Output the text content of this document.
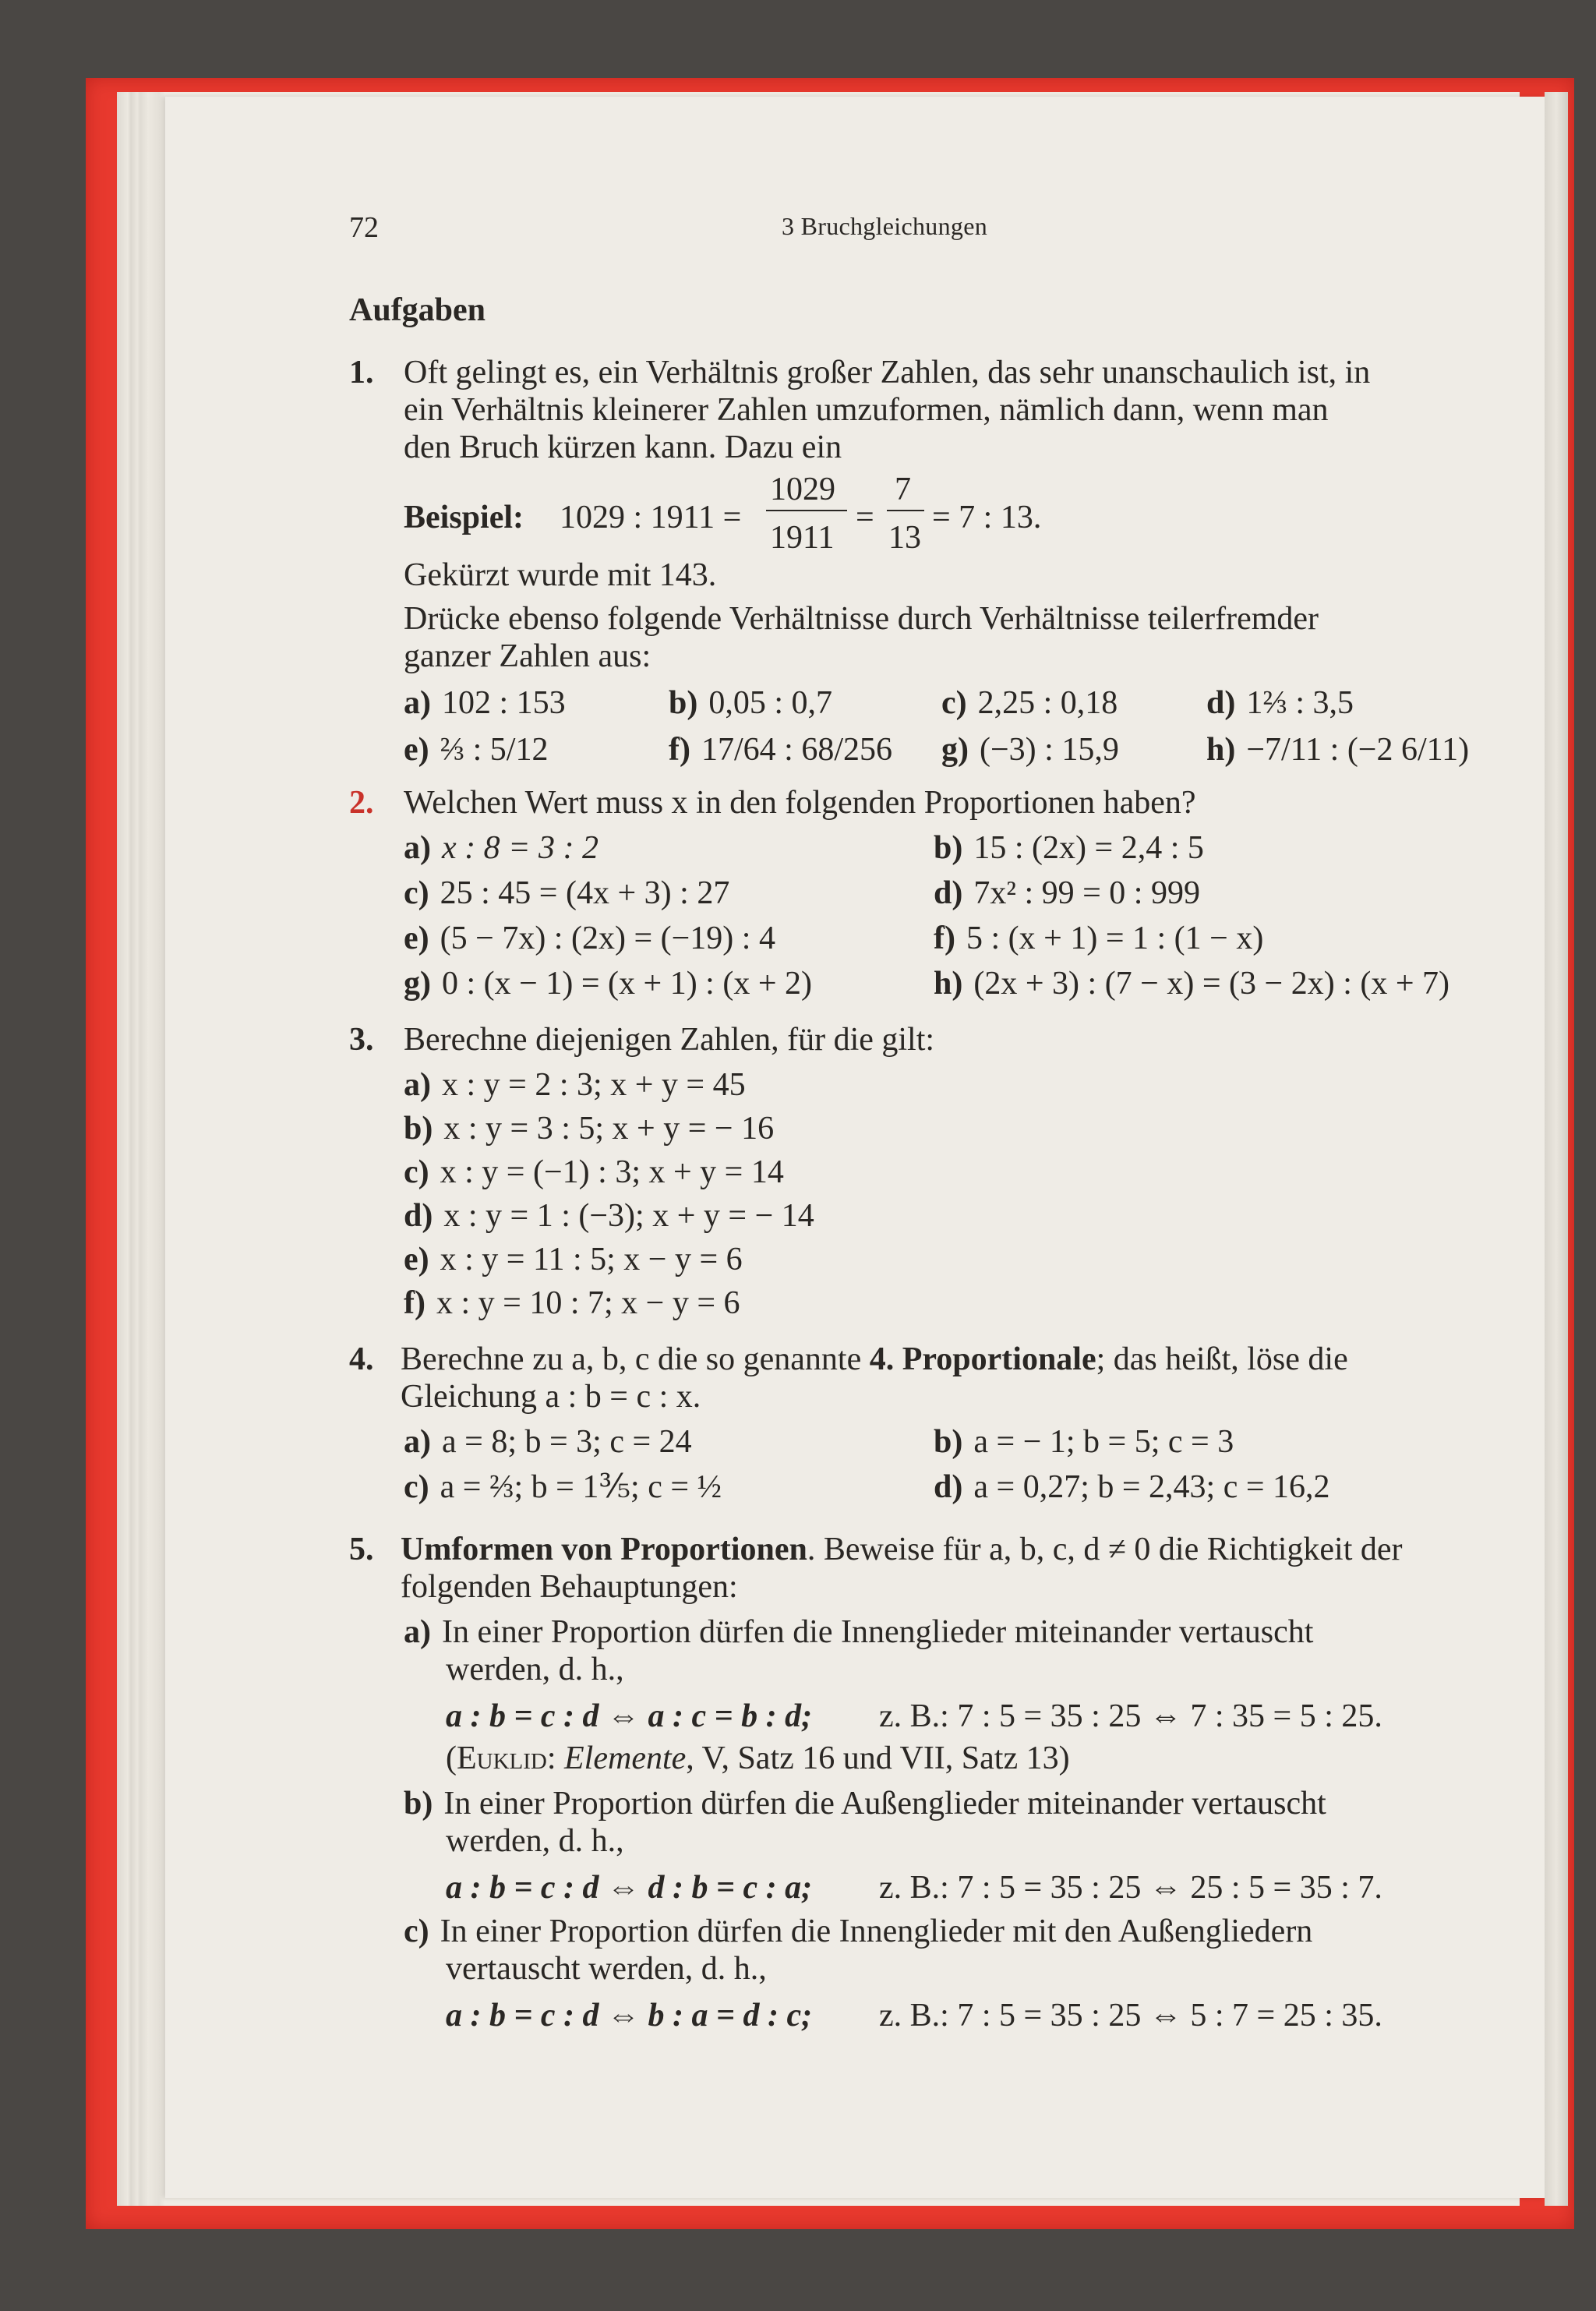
72	3 Bruchgleichungen
Aufgaben
1. Oft gelingt es, ein Verhältnis großer Zahlen, das sehr unanschaulich ist, in
ein Verhältnis kleinerer Zahlen umzuformen, nämlich dann, wenn man
den Bruch kürzen kann. Dazu ein
Beispiel: 1029 : 1911 =
1029
1911
=
7
13
= 7 : 13.
Gekürzt wurde mit 143.
Drücke ebenso folgende Verhältnisse durch Verhältnisse teilerfremder
ganzer Zahlen aus:
a) 102 : 153	b) 0,05 : 0,7	c) 2,25 : 0,18	d) 1⅔ : 3,5
e) ⅔ : 5/12	f) 17/64 : 68/256 g) (−3) : 15,9	h) −7/11 : (−2 6/11)
2. Welchen Wert muss x in den folgenden Proportionen haben?
a) x : 8 = 3 : 2	b) 15 : (2x) = 2,4 : 5
c) 25 : 45 = (4x + 3) : 27	d) 7x² : 99 = 0 : 999
e) (5 − 7x) : (2x) = (−19) : 4	f) 5 : (x + 1) = 1 : (1 − x)
g) 0 : (x − 1) = (x + 1) : (x + 2)	h) (2x + 3) : (7 − x) = (3 − 2x) : (x + 7)
3. Berechne diejenigen Zahlen, für die gilt:
a) x : y = 2 : 3; x + y = 45
b) x : y = 3 : 5; x + y = − 16
c) x : y = (−1) : 3; x + y = 14
d) x : y = 1 : (−3); x + y = − 14
e) x : y = 11 : 5; x − y = 6
f) x : y = 10 : 7; x − y = 6
4. Berechne zu a, b, c die so genannte 4. Proportionale; das heißt, löse die
Gleichung a : b = c : x.
a) a = 8; b = 3; c = 24	b) a = − 1; b = 5; c = 3
c) a = ⅔; b = 1⅗; c = ½	d) a = 0,27; b = 2,43; c = 16,2
5. Umformen von Proportionen. Beweise für a, b, c, d ≠ 0 die Richtigkeit der
folgenden Behauptungen:
a) In einer Proportion dürfen die Innenglieder miteinander vertauscht
werden, d. h.,
a : b = c : d ⇔ a : c = b : d; z. B.: 7 : 5 = 35 : 25 ⇔ 7 : 35 = 5 : 25.
(Euklid: Elemente, V, Satz 16 und VII, Satz 13)
b) In einer Proportion dürfen die Außenglieder miteinander vertauscht
werden, d. h.,
a : b = c : d ⇔ d : b = c : a; z. B.: 7 : 5 = 35 : 25 ⇔ 25 : 5 = 35 : 7.
c) In einer Proportion dürfen die Innenglieder mit den Außengliedern
vertauscht werden, d. h.,
a : b = c : d ⇔ b : a = d : c; z. B.: 7 : 5 = 35 : 25 ⇔ 5 : 7 = 25 : 35.
